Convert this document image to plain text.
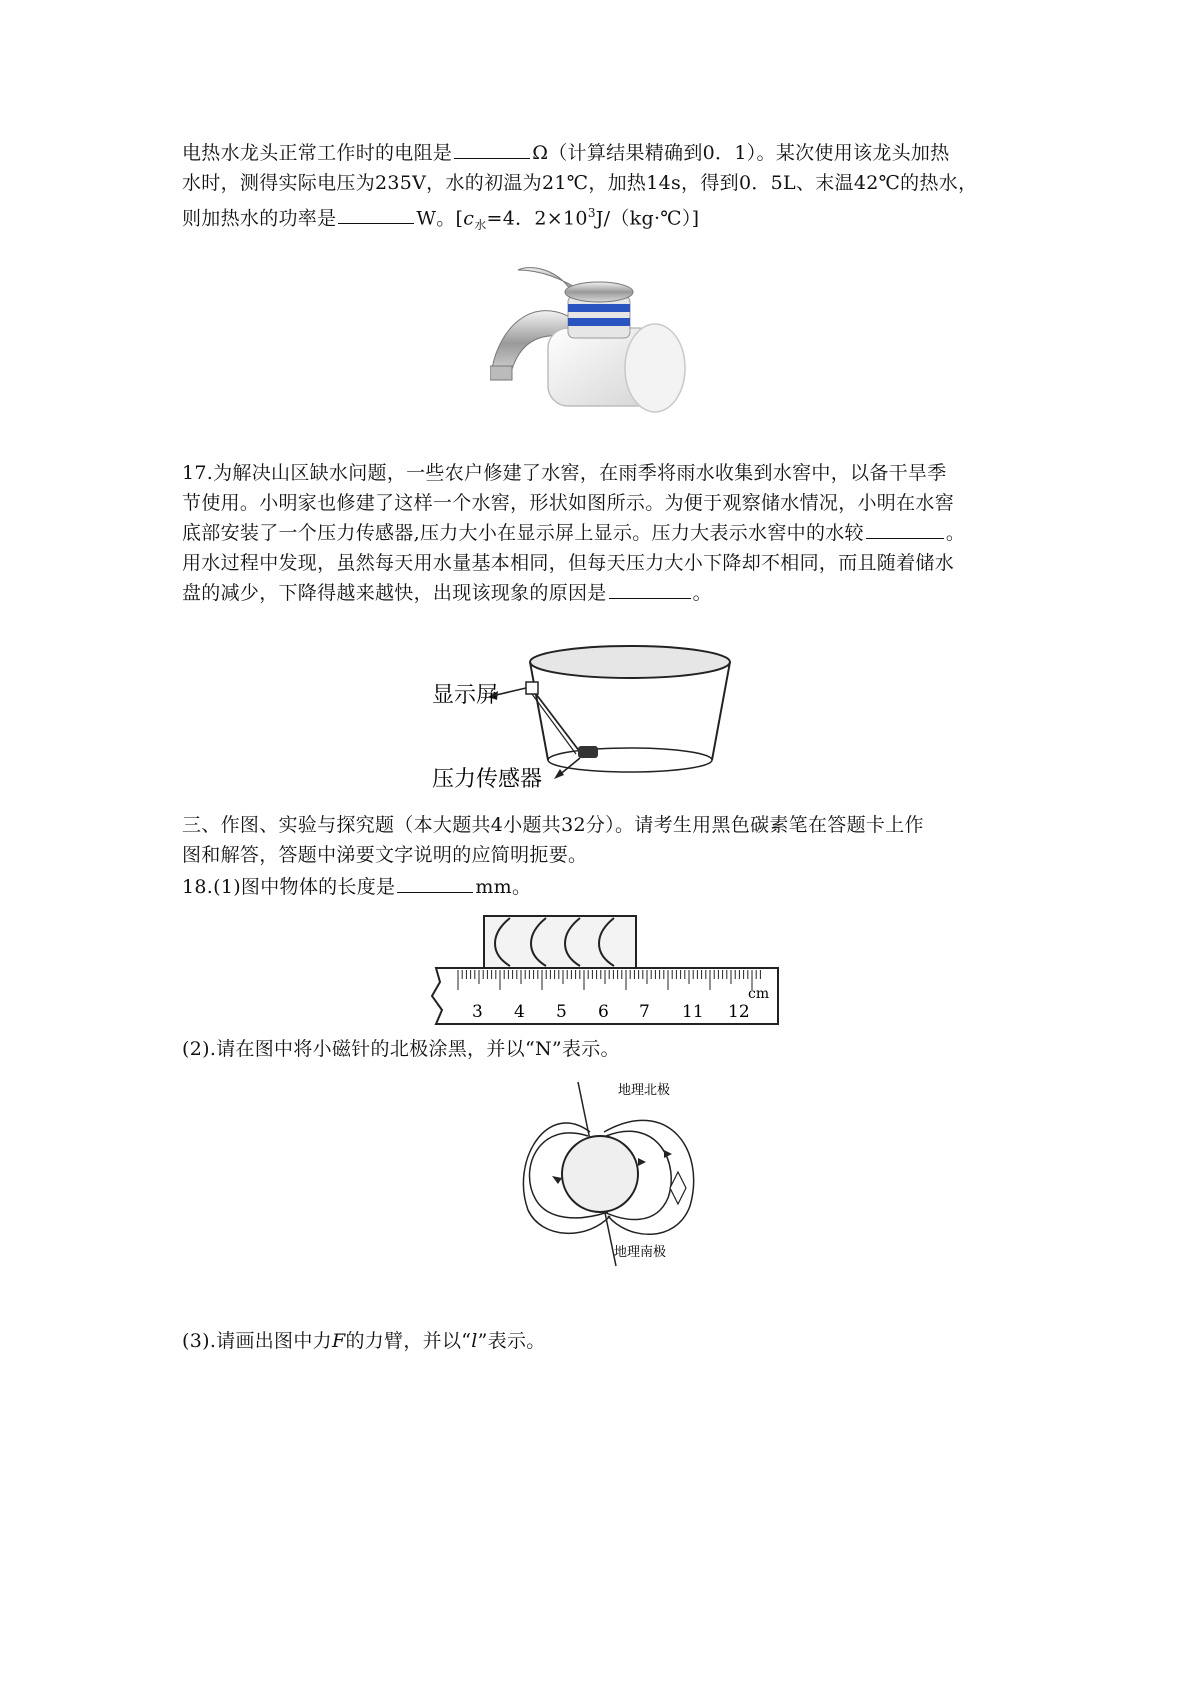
电热水龙头正常工作时的电阻是	Ω（计算结果精确到0．1）。某次使用该龙头加热
水时，测得实际电压为235V，水的初温为21℃，加热14s，得到0．5L、末温42℃的热水，
则加热水的功率是	W。[$c_水=4$．$2\times 10^3J/(kg\cdot℃)$]
17.为解决山区缺水问题，一些农户修建了水窖，在雨季将雨水收集到水窖中，以备干旱季
节使用。小明家也修建了这样一个水窖，形状如图所示。为便于观察储水情况，小明在水窖
底部安装了一个压力传感器,压力大小在显示屏上显示。压力大表示水窖中的水较	。
用水过程中发现，虽然每天用水量基本相同，但每天压力大小下降却不相同，而且随着储水
盘的减少，下降得越来越快，出现该现象的原因是	。
显示屏
压力传感器
三、作图、实验与探究题（本大题共4小题共32分）。请考生用黑色碳素笔在答题卡上作
图和解答，答题中涕要文字说明的应简明扼要。
18.(1)图中物体的长度是	mm。
3 4 5 6 7 11 12
cm
(2).请在图中将小磁针的北极涂黑，并以“N”表示。
地理北极
地理南极
(3).请画出图中力F的力臂，并以“l”表示。
